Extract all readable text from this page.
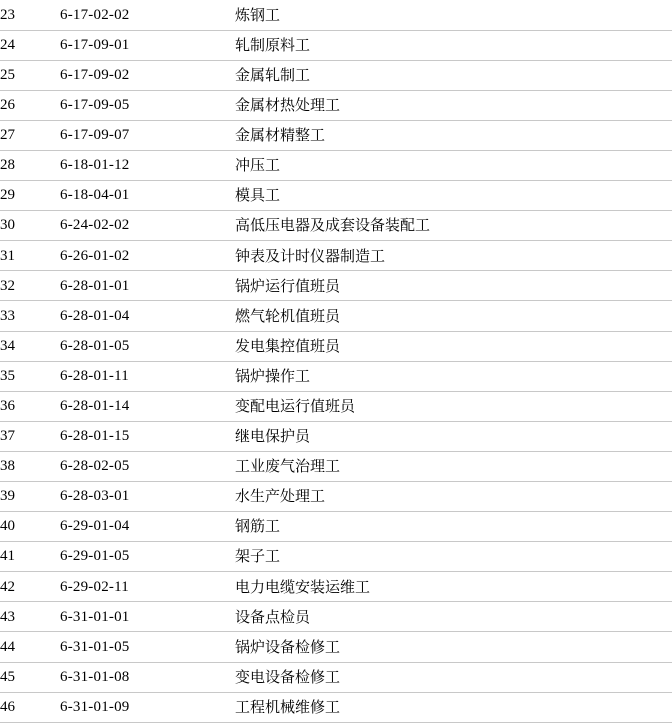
23	6-17-02-02	炼钢工
24	6-17-09-01	轧制原料工
25	6-17-09-02	金属轧制工
26	6-17-09-05	金属材热处理工
27	6-17-09-07	金属材精整工
28	6-18-01-12	冲压工
29	6-18-04-01	模具工
30	6-24-02-02	高低压电器及成套设备装配工
31	6-26-01-02	钟表及计时仪器制造工
32	6-28-01-01	锅炉运行值班员
33	6-28-01-04	燃气轮机值班员
34	6-28-01-05	发电集控值班员
35	6-28-01-11	锅炉操作工
36	6-28-01-14	变配电运行值班员
37	6-28-01-15	继电保护员
38	6-28-02-05	工业废气治理工
39	6-28-03-01	水生产处理工
40	6-29-01-04	钢筋工
41	6-29-01-05	架子工
42	6-29-02-11	电力电缆安装运维工
43	6-31-01-01	设备点检员
44	6-31-01-05	锅炉设备检修工
45	6-31-01-08	变电设备检修工
46	6-31-01-09	工程机械维修工
